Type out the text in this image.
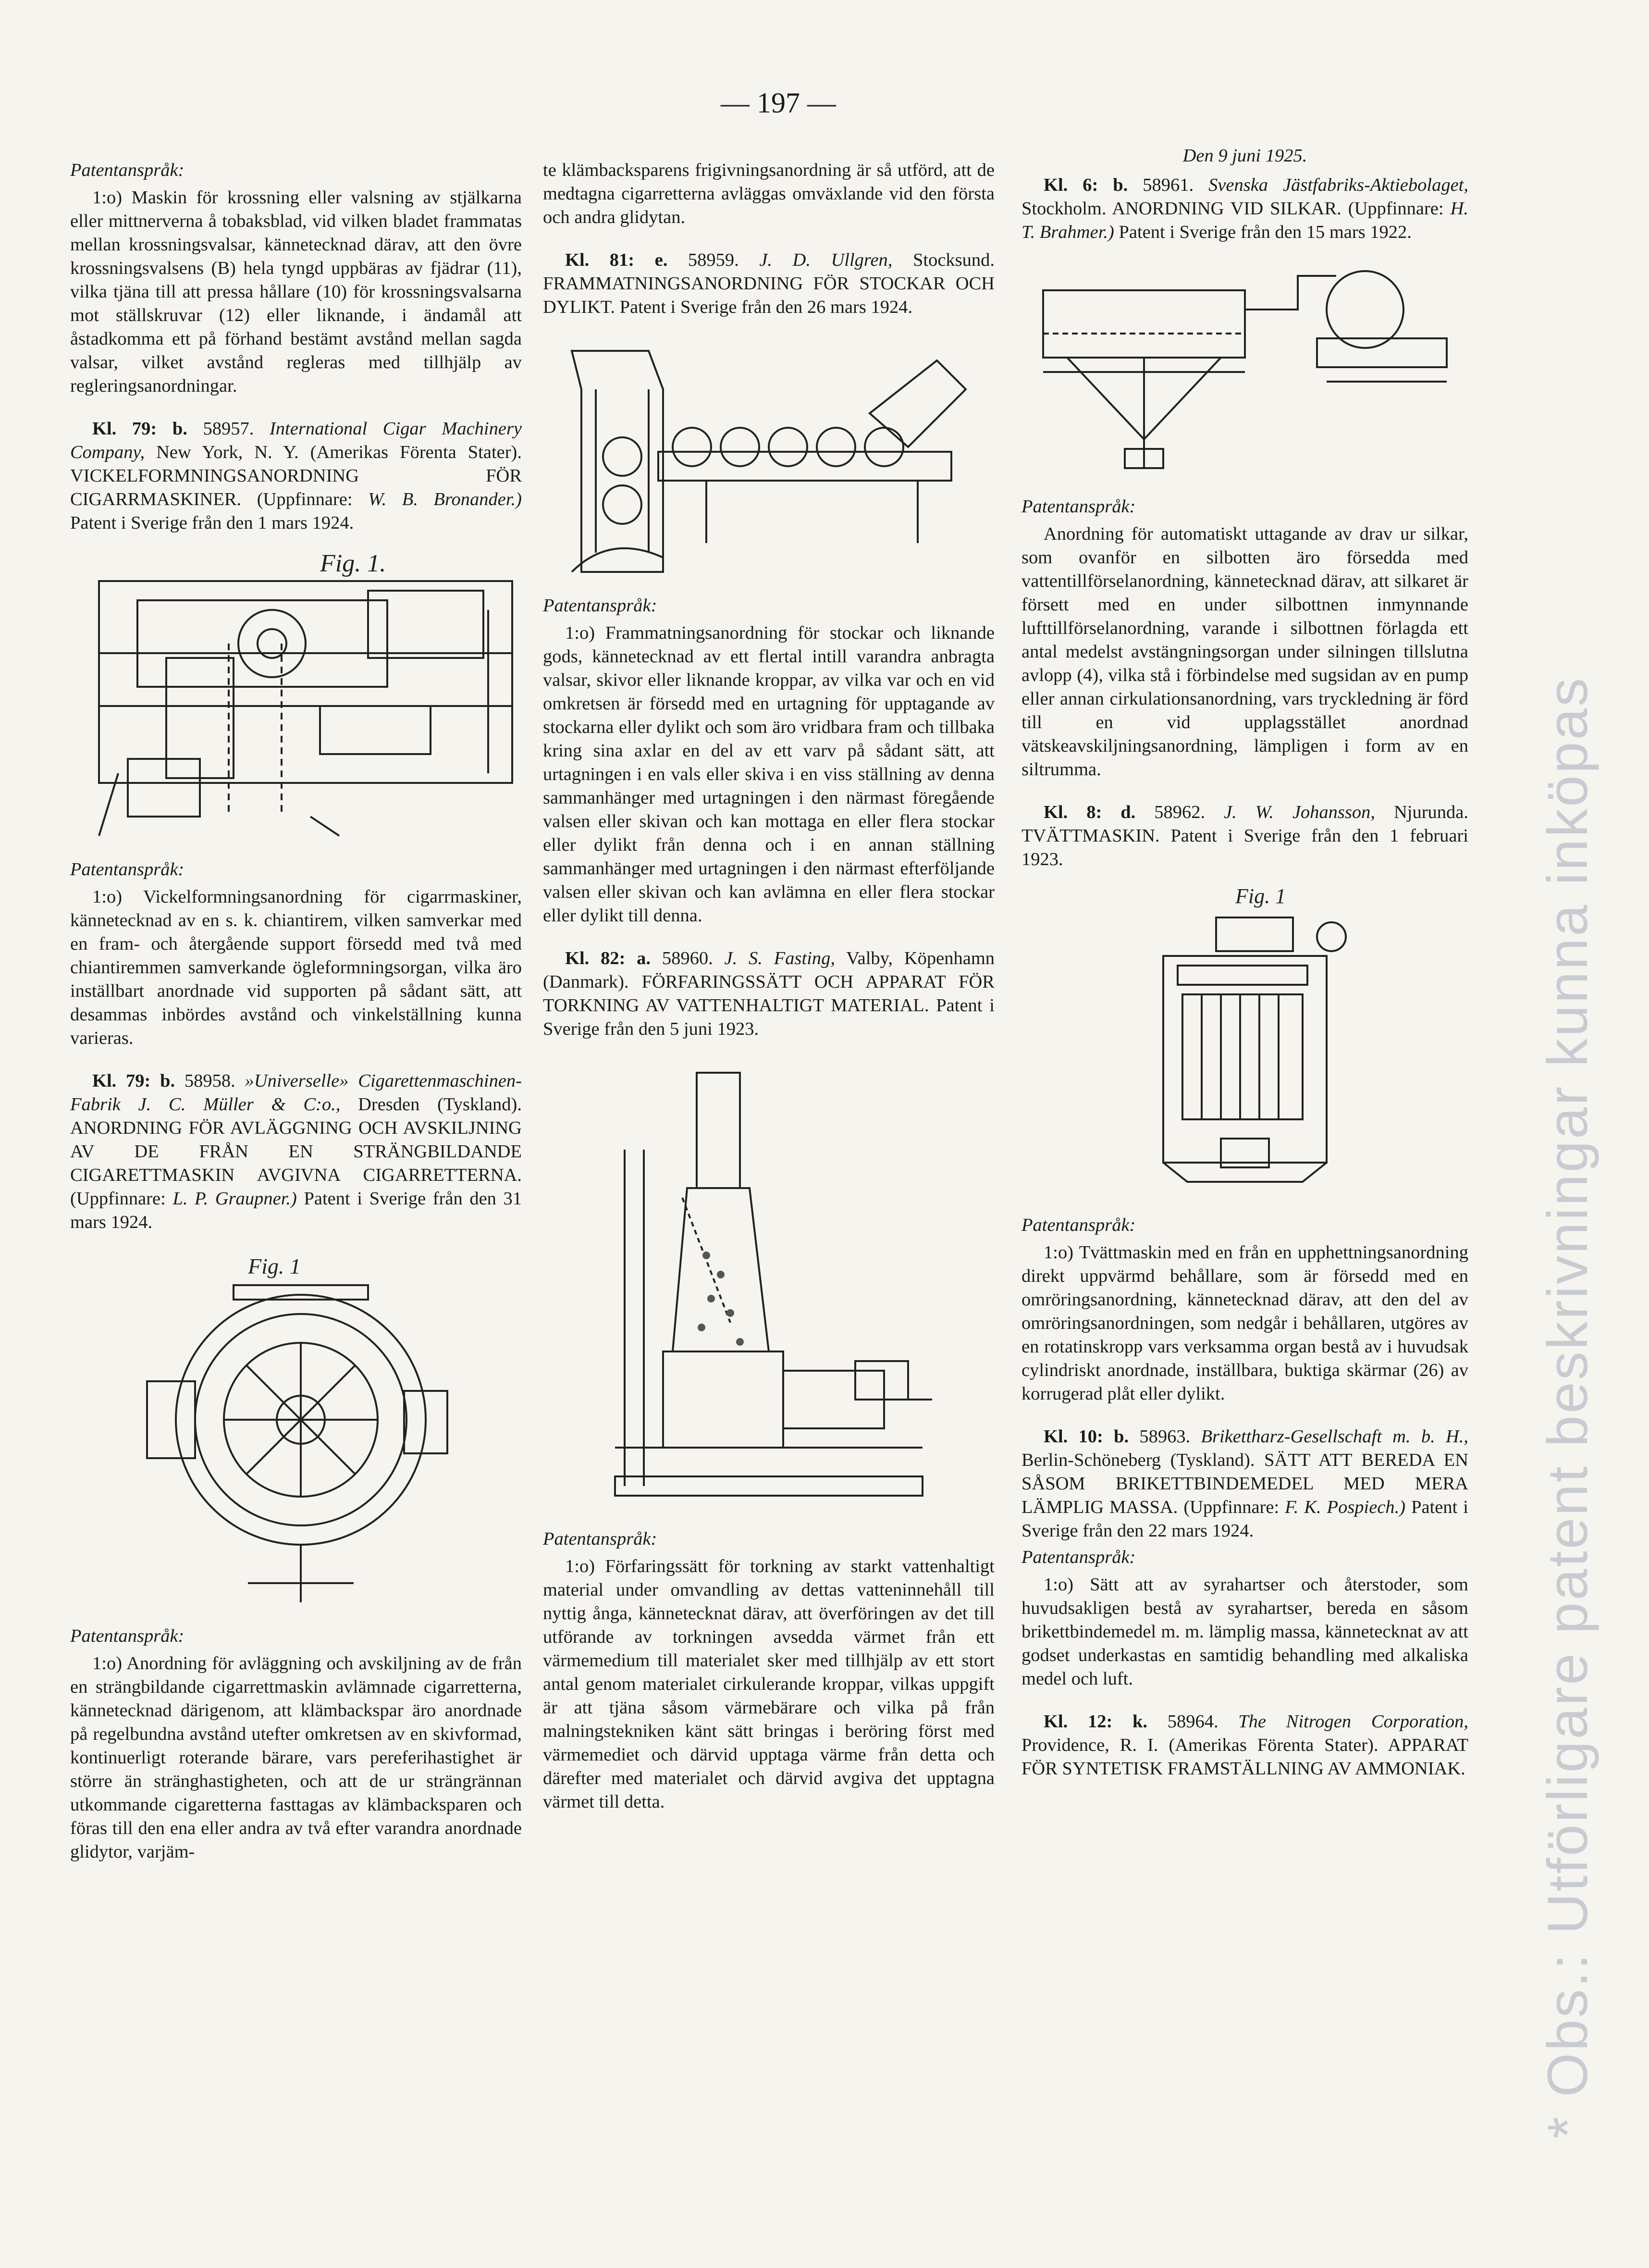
— 197 —
Patentanspråk:

1:o) Maskin för krossning eller valsning av stjälkarna eller mittnerverna å tobaksblad, vid vilken bladet frammatas mellan krossningsvalsar, kännetecknad därav, att den övre krossningsvalsens (B) hela tyngd uppbäras av fjädrar (11), vilka tjäna till att pressa hållare (10) för krossningsvalsarna mot ställskruvar (12) eller liknande, i ändamål att åstadkomma ett på förhand bestämt avstånd mellan sagda valsar, vilket avstånd regleras med tillhjälp av regleringsanordningar.

Kl. 79: b. 58957. International Cigar Machinery Company, New York, N. Y. (Amerikas Förenta Stater). VICKELFORMNINGSANORDNING FÖR CIGARRMASKINER. (Uppfinnare: W. B. Bronander.) Patent i Sverige från den 1 mars 1924.

Fig. 1.
Patentanspråk:

1:o) Vickelformningsanordning för cigarrmaskiner, kännetecknad av en s. k. chiantirem, vilken samverkar med en fram- och återgående support försedd med två med chiantiremmen samverkande ögleformningsorgan, vilka äro inställbart anordnade vid supporten på sådant sätt, att desammas inbördes avstånd och vinkelställning kunna varieras.

Kl. 79: b. 58958. »Universelle» Cigarettenmaschinen-Fabrik J. C. Müller & C:o., Dresden (Tyskland). ANORDNING FÖR AVLÄGGNING OCH AVSKILJNING AV DE FRÅN EN STRÄNGBILDANDE CIGARETTMASKIN AVGIVNA CIGARRETTERNA. (Uppfinnare: L. P. Graupner.) Patent i Sverige från den 31 mars 1924.

Fig. 1
Patentanspråk:

1:o) Anordning för avläggning och avskiljning av de från en strängbildande cigarrettmaskin avlämnade cigarretterna, kännetecknad därigenom, att klämbackspar äro anordnade på regelbundna avstånd utefter omkretsen av en skivformad, kontinuerligt roterande bärare, vars pereferihastighet är större än stränghastigheten, och att de ur strängrännan utkommande cigaretterna fasttagas av klämbacksparen och föras till den ena eller andra av två efter varandra anordnade glidytor, varjäm-

te klämbacksparens frigivningsanordning är så utförd, att de medtagna cigarretterna avläggas omväxlande vid den första och andra glidytan.

Kl. 81: e. 58959. J. D. Ullgren, Stocksund. FRAMMATNINGSANORDNING FÖR STOCKAR OCH DYLIKT. Patent i Sverige från den 26 mars 1924.

Patentanspråk:

1:o) Frammatningsanordning för stockar och liknande gods, kännetecknad av ett flertal intill varandra anbragta valsar, skivor eller liknande kroppar, av vilka var och en vid omkretsen är försedd med en urtagning för upptagande av stockarna eller dylikt och som äro vridbara fram och tillbaka kring sina axlar en del av ett varv på sådant sätt, att urtagningen i en vals eller skiva i en viss ställning av denna sammanhänger med urtagningen i den närmast föregående valsen eller skivan och kan mottaga en eller flera stockar eller dylikt från denna och i en annan ställning sammanhänger med urtagningen i den närmast efterföljande valsen eller skivan och kan avlämna en eller flera stockar eller dylikt till denna.

Kl. 82: a. 58960. J. S. Fasting, Valby, Köpenhamn (Danmark). FÖRFARINGSSÄTT OCH APPARAT FÖR TORKNING AV VATTENHALTIGT MATERIAL. Patent i Sverige från den 5 juni 1923.

Patentanspråk:

1:o) Förfaringssätt för torkning av starkt vattenhaltigt material under omvandling av dettas vatteninnehåll till nyttig ånga, kännetecknat därav, att överföringen av det till utförande av torkningen avsedda värmet från ett värmemedium till materialet sker med tillhjälp av ett stort antal genom materialet cirkulerande kroppar, vilkas uppgift är att tjäna såsom värmebärare och vilka på från malningstekniken känt sätt bringas i beröring först med värmemediet och därvid upptaga värme från detta och därefter med materialet och därvid avgiva det upptagna värmet till detta.

Den 9 juni 1925.

Kl. 6: b. 58961. Svenska Jästfabriks-Aktiebolaget, Stockholm. ANORDNING VID SILKAR. (Uppfinnare: H. T. Brahmer.) Patent i Sverige från den 15 mars 1922.

Patentanspråk:

Anordning för automatiskt uttagande av drav ur silkar, som ovanför en silbotten äro försedda med vattentillförselanordning, kännetecknad därav, att silkaret är försett med en under silbottnen inmynnande lufttillförselanordning, varande i silbottnen förlagda ett antal medelst avstängningsorgan under silningen tillslutna avlopp (4), vilka stå i förbindelse med sugsidan av en pump eller annan cirkulationsanordning, vars tryckledning är förd till en vid upplagsstället anordnad vätskeavskiljningsanordning, lämpligen i form av en siltrumma.

Kl. 8: d. 58962. J. W. Johansson, Njurunda. TVÄTTMASKIN. Patent i Sverige från den 1 februari 1923.

Fig. 1
Patentanspråk:

1:o) Tvättmaskin med en från en upphettningsanordning direkt uppvärmd behållare, som är försedd med en omröringsanordning, kännetecknad därav, att den del av omröringsanordningen, som nedgår i behållaren, utgöres av en rotatinskropp vars verksamma organ bestå av i huvudsak cylindriskt anordnade, inställbara, buktiga skärmar (26) av korrugerad plåt eller dylikt.

Kl. 10: b. 58963. Brikettharz-Gesellschaft m. b. H., Berlin-Schöneberg (Tyskland). SÄTT ATT BEREDA EN SÅSOM BRIKETTBINDEMEDEL MED MERA LÄMPLIG MASSA. (Uppfinnare: F. K. Pospiech.) Patent i Sverige från den 22 mars 1924.

Patentanspråk:

1:o) Sätt att av syrahartser och återstoder, som huvudsakligen bestå av syrahartser, bereda en såsom brikettbindemedel m. m. lämplig massa, kännetecknat av att godset underkastas en samtidig behandling med alkaliska medel och luft.

Kl. 12: k. 58964. The Nitrogen Corporation, Providence, R. I. (Amerikas Förenta Stater). APPARAT FÖR SYNTETISK FRAMSTÄLLNING AV AMMONIAK. * Obs.: Utförligare patent beskrivningar kunna inköpas
